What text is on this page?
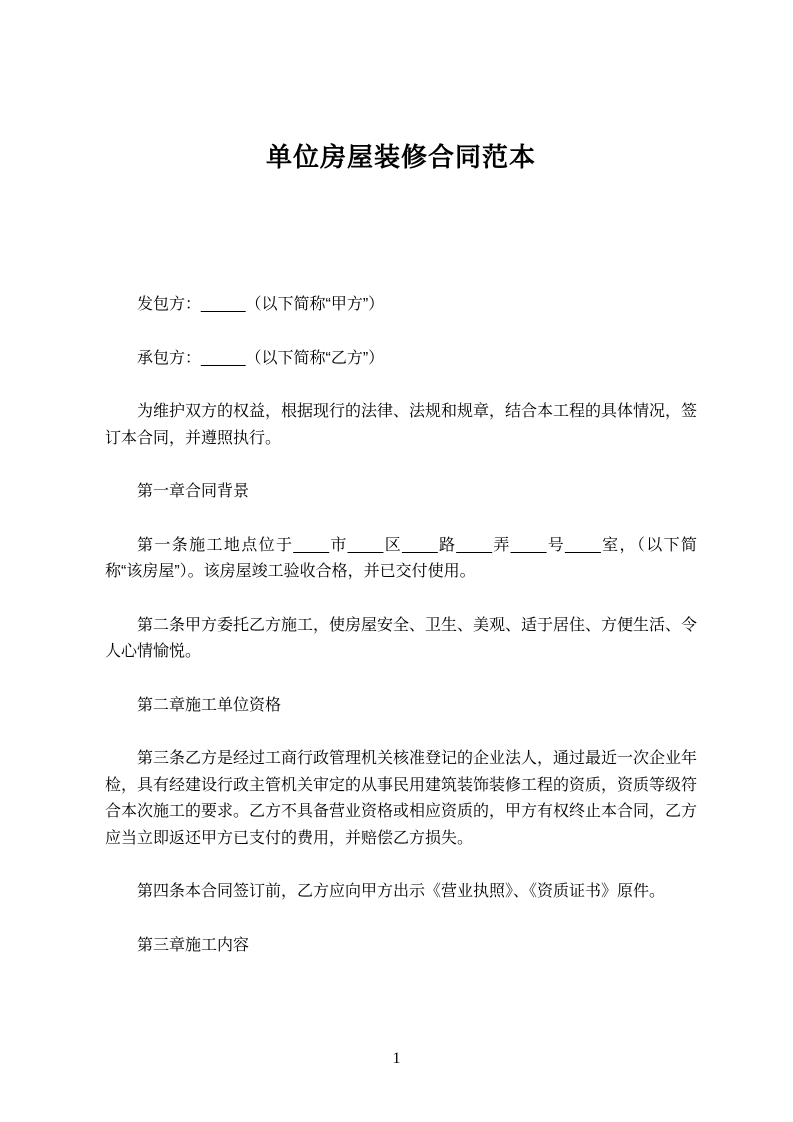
单位房屋装修合同范本

发包方：_____（以下简称“甲方”）

承包方：_____（以下简称“乙方”）

为维护双方的权益，根据现行的法律、法规和规章，结合本工程的具体情况，签订本合同，并遵照执行。

第一章合同背景

第一条施工地点位于____市____区____路____弄____号____室，（以下简称“该房屋”）。该房屋竣工验收合格，并已交付使用。

第二条甲方委托乙方施工，使房屋安全、卫生、美观、适于居住、方便生活、令人心情愉悦。

第二章施工单位资格

第三条乙方是经过工商行政管理机关核准登记的企业法人，通过最近一次企业年检，具有经建设行政主管机关审定的从事民用建筑装饰装修工程的资质，资质等级符合本次施工的要求。乙方不具备营业资格或相应资质的，甲方有权终止本合同，乙方应当立即返还甲方已支付的费用，并赔偿乙方损失。

第四条本合同签订前，乙方应向甲方出示《营业执照》、《资质证书》原件。

第三章施工内容

1
